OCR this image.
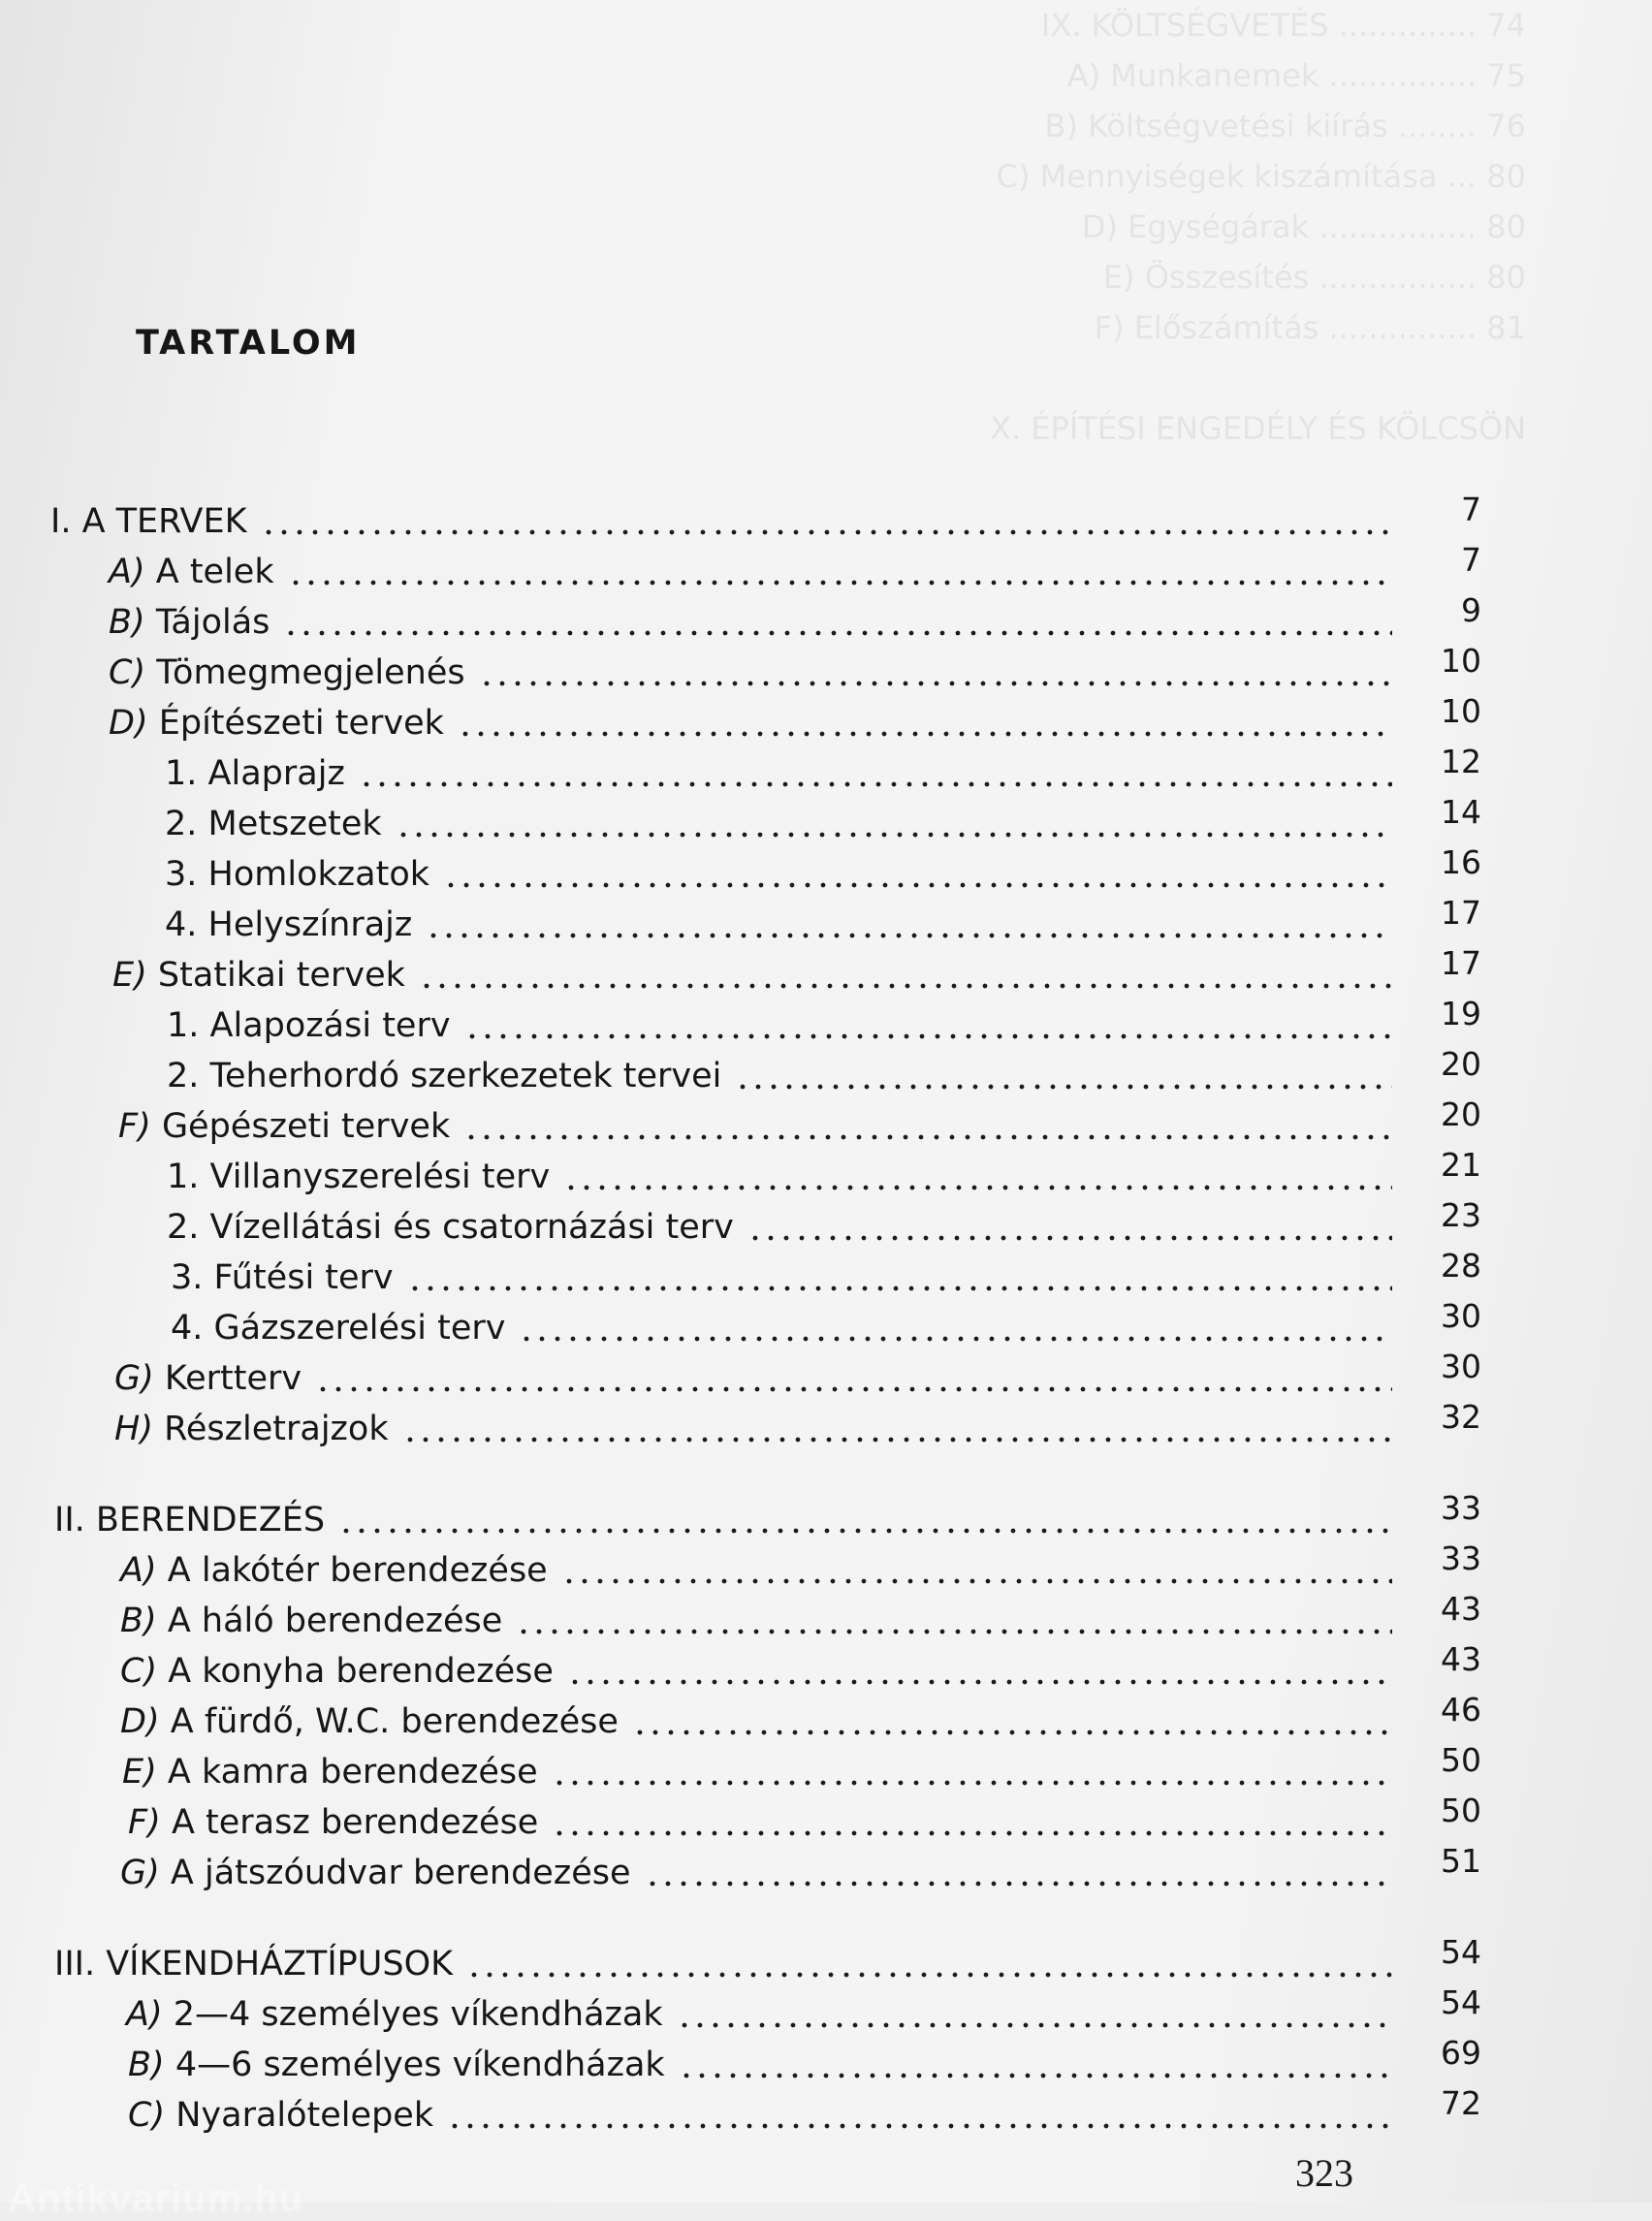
IX. KÖLTSÉGVETÉS .............. 74
A) Munkanemek ............... 75
B) Költségvetési kiírás ........ 76
C) Mennyiségek kiszámítása ... 80
D) Egységárak ................ 80
E) Összesítés ................ 80
F) Előszámítás ............... 81

X. ÉPÍTÉSI ENGEDÉLY ÉS KÖLCSÖN
TARTALOM
I. A TERVEK	7
A) A telek	7
B) Tájolás	9
C) Tömegmegjelenés	10
D) Építészeti tervek	10
1. Alaprajz	12
2. Metszetek	14
3. Homlokzatok	16
4. Helyszínrajz	17
E) Statikai tervek	17
1. Alapozási terv	19
2. Teherhordó szerkezetek tervei	20
F) Gépészeti tervek	20
1. Villanyszerelési terv	21
2. Vízellátási és csatornázási terv	23
3. Fűtési terv	28
4. Gázszerelési terv	30
G) Kertterv	30
H) Részletrajzok	32
II. BERENDEZÉS	33
A) A lakótér berendezése	33
B) A háló berendezése	43
C) A konyha berendezése	43
D) A fürdő, W.C. berendezése	46
E) A kamra berendezése	50
F) A terasz berendezése	50
G) A játszóudvar berendezése	51
III. VÍKENDHÁZTÍPUSOK	54
A) 2—4 személyes víkendházak	54
B) 4—6 személyes víkendházak	69
C) Nyaralótelepek	72
323
Antikvarium.hu
